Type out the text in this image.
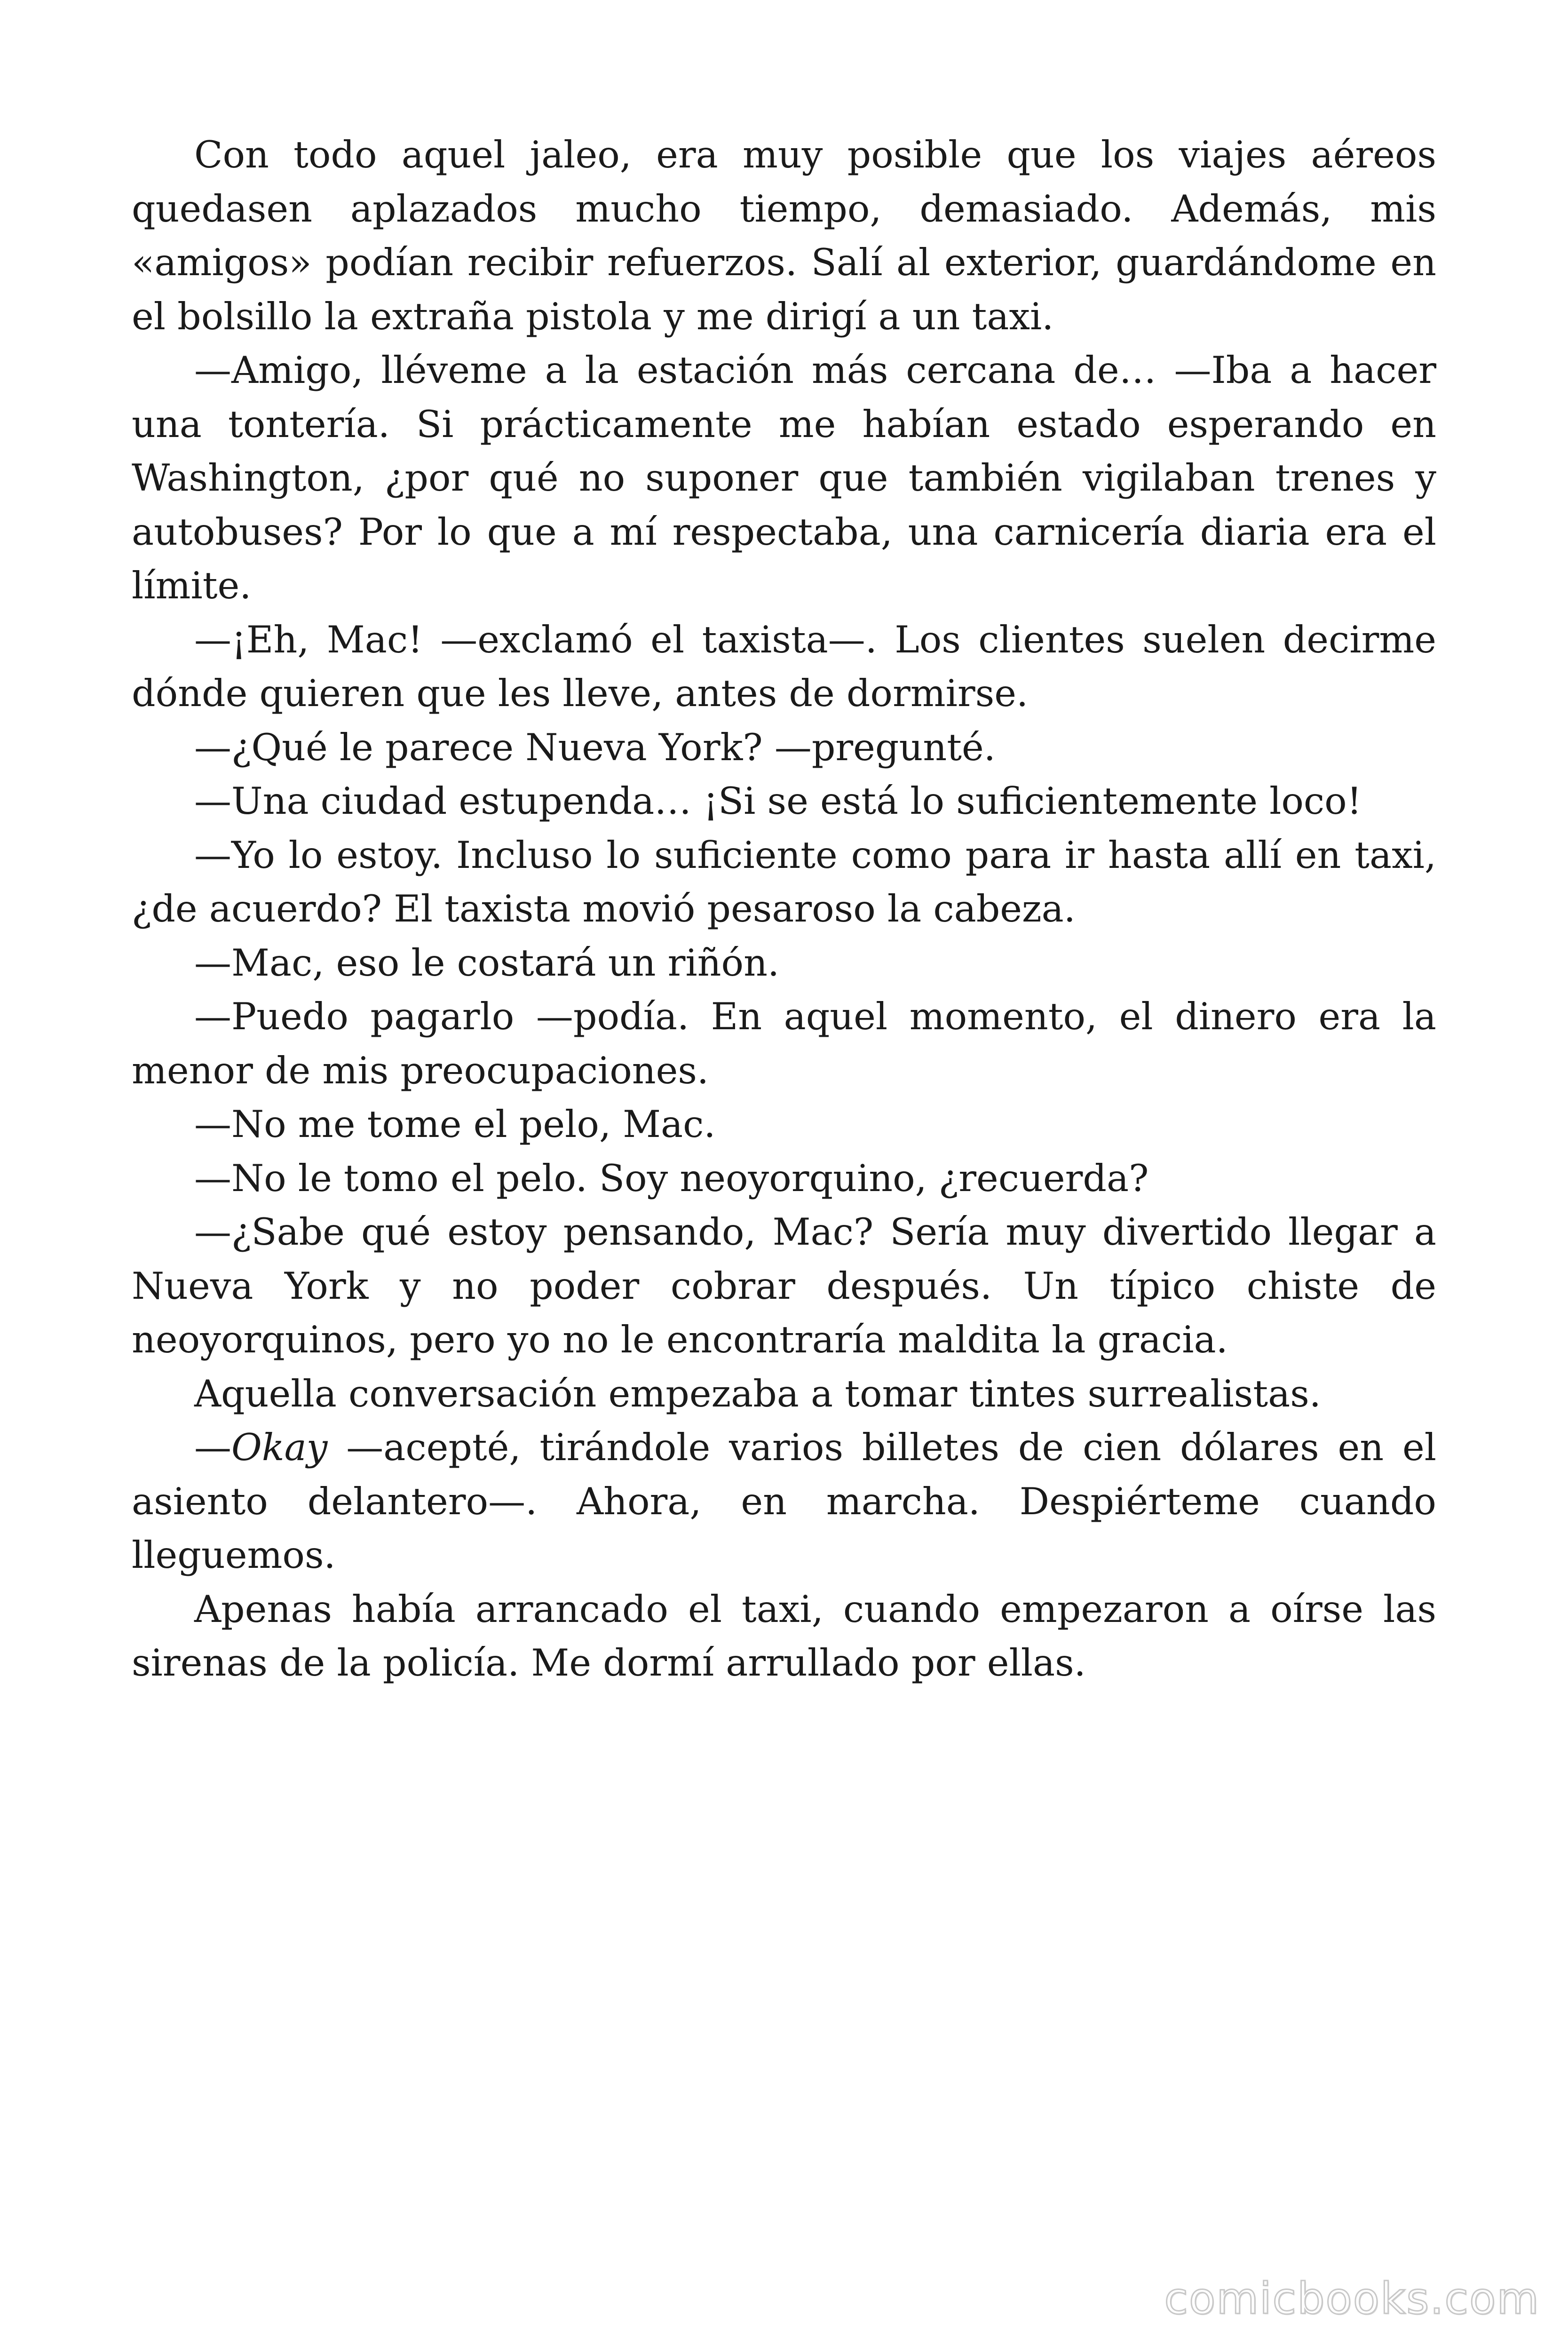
Con todo aquel jaleo, era muy posible que los viajes aéreos quedasen aplazados mucho tiempo, demasiado. Además, mis «amigos» podían recibir refuerzos. Salí al exterior, guardándome en el bolsillo la extraña pistola y me dirigí a un taxi.

—Amigo, lléveme a la estación más cercana de… —Iba a hacer una tontería. Si prácticamente me habían estado esperando en Washington, ¿por qué no suponer que también vigilaban trenes y autobuses? Por lo que a mí respectaba, una carnicería diaria era el límite.

—¡Eh, Mac! —exclamó el taxista—. Los clientes suelen decirme dónde quieren que les lleve, antes de dormirse.

—¿Qué le parece Nueva York? —pregunté.

—Una ciudad estupenda… ¡Si se está lo suficientemente loco!

—Yo lo estoy. Incluso lo suficiente como para ir hasta allí en taxi, ¿de acuerdo? El taxista movió pesaroso la cabeza.

—Mac, eso le costará un riñón.

—Puedo pagarlo —podía. En aquel momento, el dinero era la menor de mis preocupaciones.

—No me tome el pelo, Mac.

—No le tomo el pelo. Soy neoyorquino, ¿recuerda?

—¿Sabe qué estoy pensando, Mac? Sería muy divertido llegar a Nueva York y no poder cobrar después. Un típico chiste de neoyorquinos, pero yo no le encontraría maldita la gracia.

Aquella conversación empezaba a tomar tintes surrealistas.

—Okay —acepté, tirándole varios billetes de cien dólares en el asiento delantero—. Ahora, en marcha. Despiérteme cuando lleguemos.

Apenas había arrancado el taxi, cuando empezaron a oírse las sirenas de la policía. Me dormí arrullado por ellas.

comicbooks.com
